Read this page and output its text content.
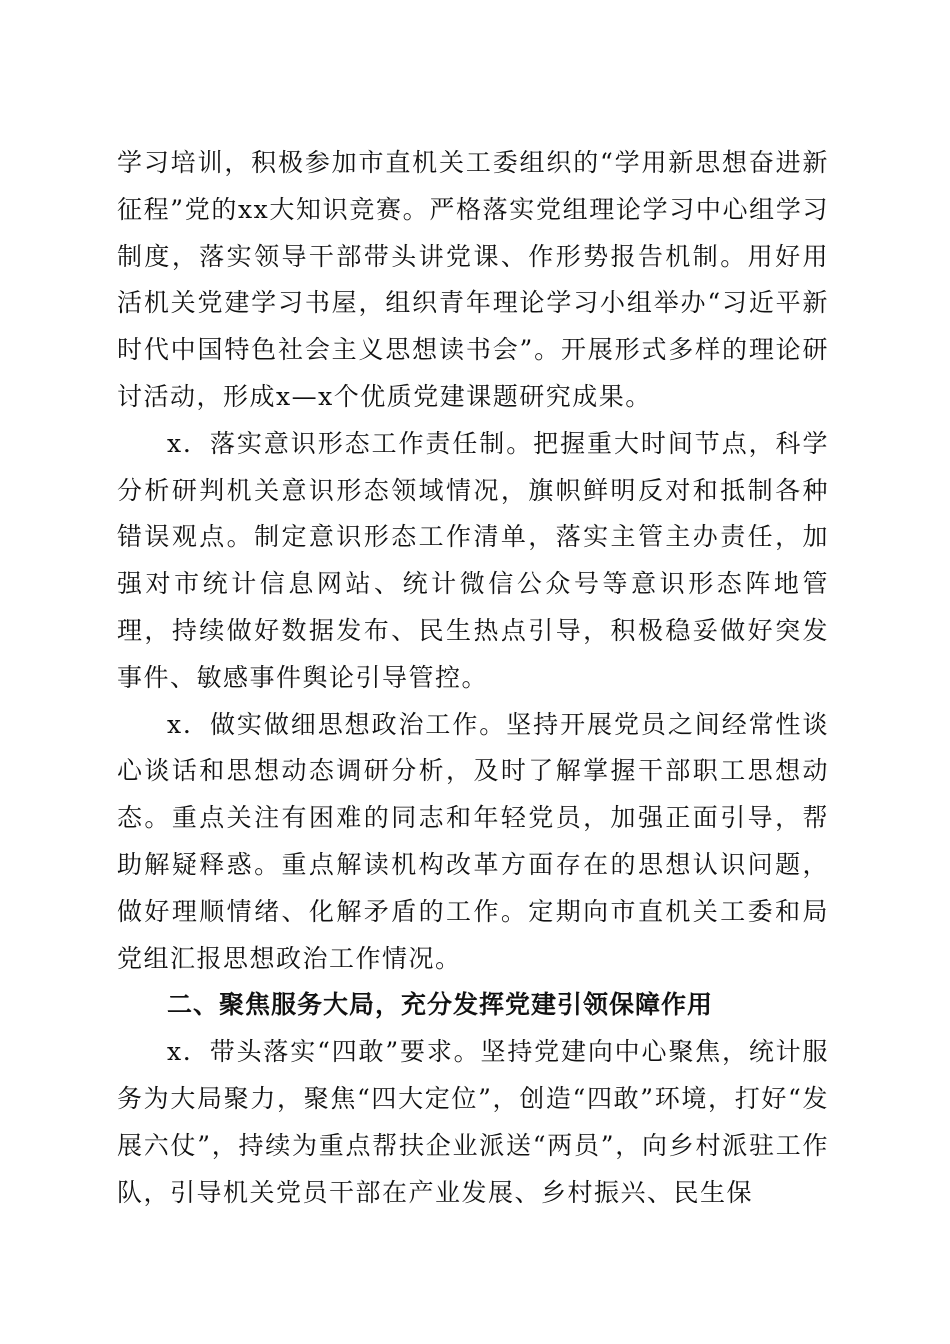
学习培训，积极参加市直机关工委组织的“学用新思想奋进新征程”党的xx大知识竞赛。严格落实党组理论学习中心组学习制度，落实领导干部带头讲党课、作形势报告机制。用好用活机关党建学习书屋，组织青年理论学习小组举办“习近平新时代中国特色社会主义思想读书会”。开展形式多样的理论研讨活动，形成x—x个优质党建课题研究成果。

x．落实意识形态工作责任制。把握重大时间节点，科学分析研判机关意识形态领域情况，旗帜鲜明反对和抵制各种错误观点。制定意识形态工作清单，落实主管主办责任，加强对市统计信息网站、统计微信公众号等意识形态阵地管理，持续做好数据发布、民生热点引导，积极稳妥做好突发事件、敏感事件舆论引导管控。

x．做实做细思想政治工作。坚持开展党员之间经常性谈心谈话和思想动态调研分析，及时了解掌握干部职工思想动态。重点关注有困难的同志和年轻党员，加强正面引导，帮助解疑释惑。重点解读机构改革方面存在的思想认识问题，做好理顺情绪、化解矛盾的工作。定期向市直机关工委和局党组汇报思想政治工作情况。

二、聚焦服务大局，充分发挥党建引领保障作用

x．带头落实“四敢”要求。坚持党建向中心聚焦，统计服务为大局聚力，聚焦“四大定位”，创造“四敢”环境，打好“发展六仗”，持续为重点帮扶企业派送“两员”，向乡村派驻工作队，引导机关党员干部在产业发展、乡村振兴、民生保
